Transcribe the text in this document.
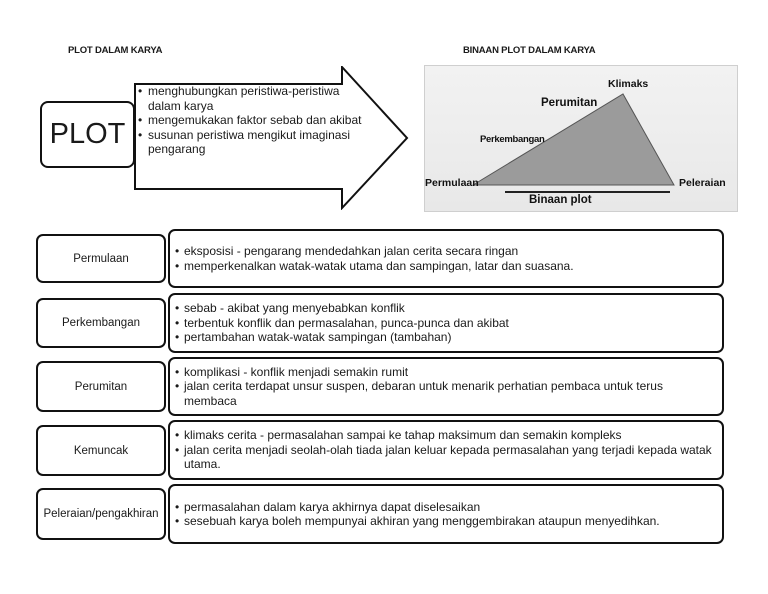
PLOT DALAM KARYA	BINAAN PLOT DALAM KARYA
PLOT
• menghubungkan peristiwa-peristiwa dalam karya
• mengemukakan faktor sebab dan akibat
• susunan peristiwa mengikut imaginasi pengarang
Permulaan
Perkembangan
Perumitan
Klimaks
Peleraian
Binaan plot
Permulaan
• eksposisi - pengarang mendedahkan jalan cerita secara ringan
• memperkenalkan watak-watak utama dan sampingan, latar dan suasana.
Perkembangan
• sebab - akibat yang menyebabkan konflik
• terbentuk konflik dan permasalahan, punca-punca dan akibat
• pertambahan watak-watak sampingan (tambahan)
Perumitan
• komplikasi - konflik menjadi semakin rumit
• jalan cerita terdapat unsur suspen, debaran untuk menarik perhatian pembaca untuk terus membaca
Kemuncak
• klimaks cerita - permasalahan sampai ke tahap maksimum dan semakin kompleks
• jalan cerita menjadi seolah-olah tiada jalan keluar kepada permasalahan yang terjadi kepada watak utama.
Peleraian/pengakhiran
• permasalahan dalam karya akhirnya dapat diselesaikan
• sesebuah karya boleh mempunyai akhiran yang menggembirakan ataupun menyedihkan.
